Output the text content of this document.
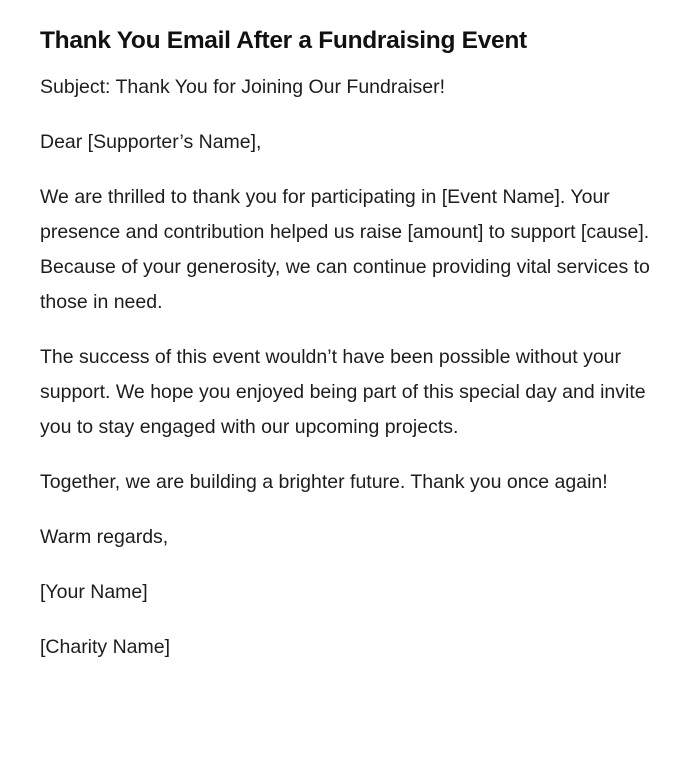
Thank You Email After a Fundraising Event

Subject: Thank You for Joining Our Fundraiser!

Dear [Supporter’s Name],

We are thrilled to thank you for participating in [Event Name]. Your presence and contribution helped us raise [amount] to support [cause]. Because of your generosity, we can continue providing vital services to those in need.

The success of this event wouldn’t have been possible without your support. We hope you enjoyed being part of this special day and invite you to stay engaged with our upcoming projects.

Together, we are building a brighter future. Thank you once again!

Warm regards,

[Your Name]

[Charity Name]
